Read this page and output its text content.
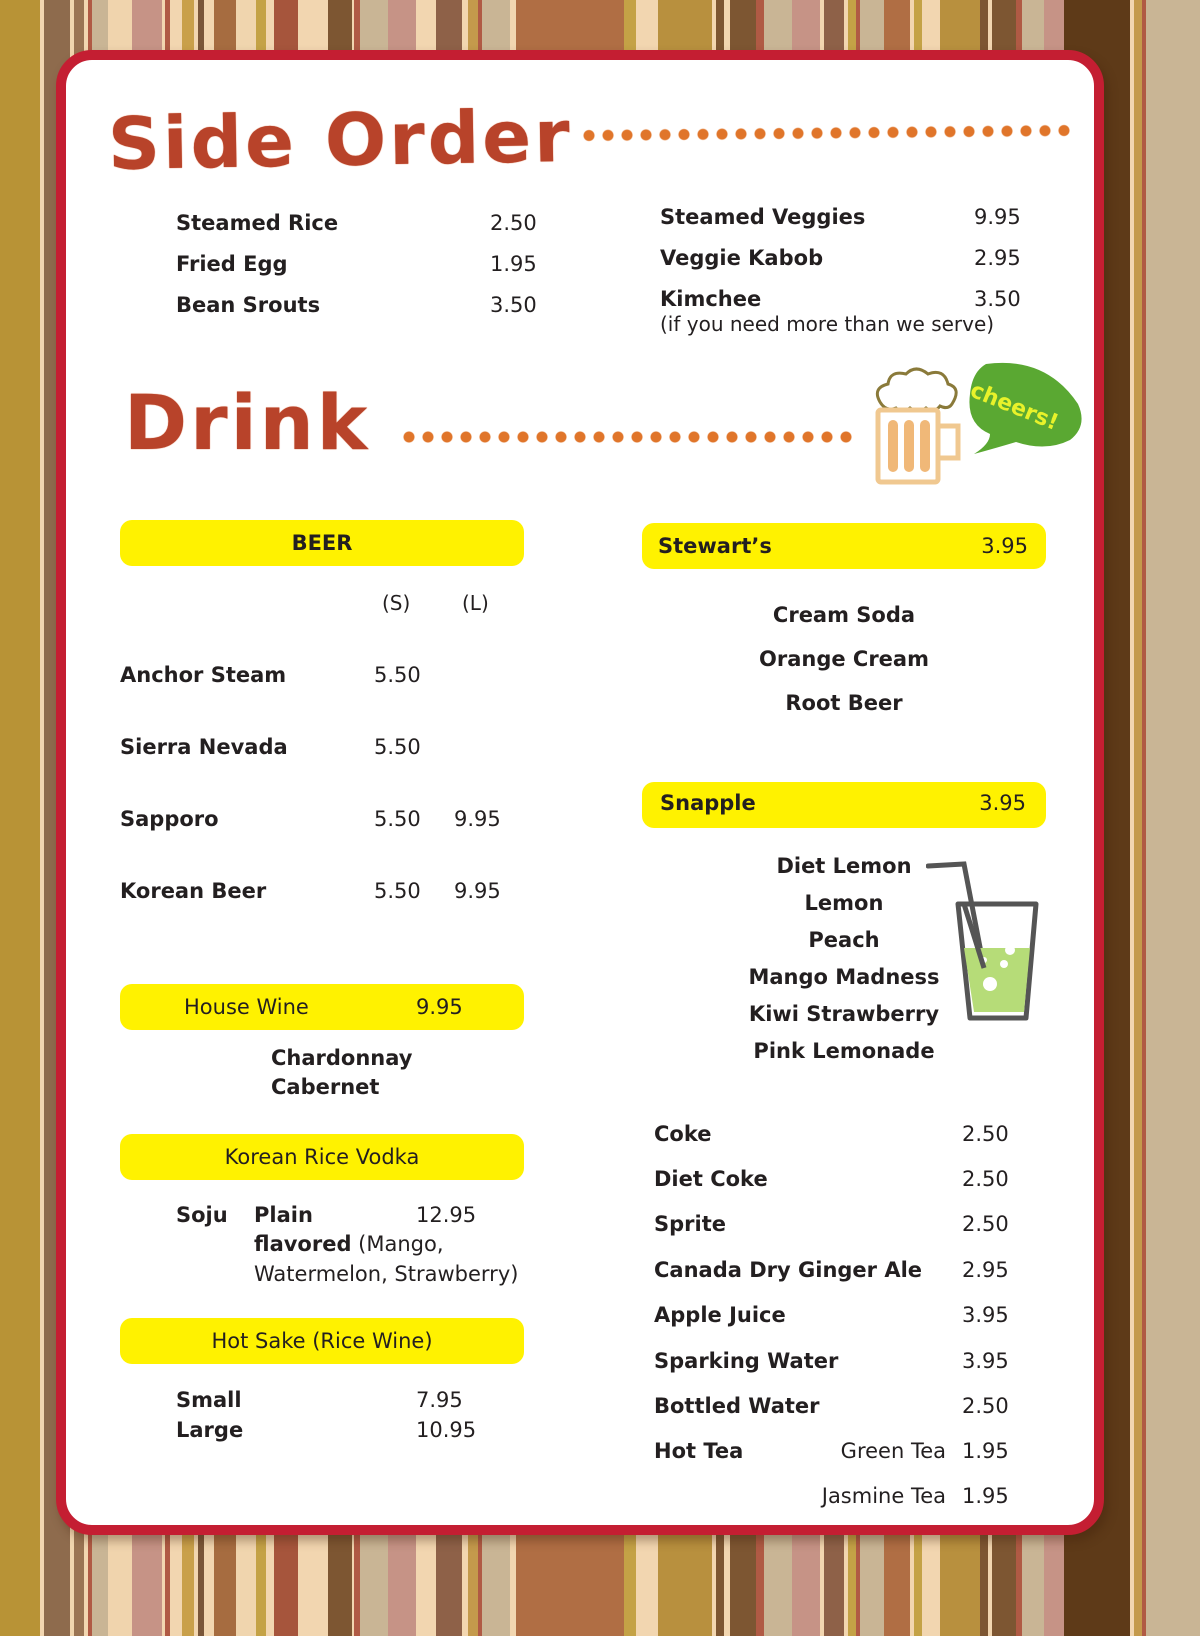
Side Order
Steamed Rice	2.50
Fried Egg	1.95
Bean Srouts	3.50
Steamed Veggies	9.95
Veggie Kabob	2.95
Kimchee	3.50
(if you need more than we serve)
Drink	cheers!
BEER
(S)	(L)
Anchor Steam	5.50
Sierra Nevada	5.50
Sapporo	5.50 9.95
Korean Beer	5.50 9.95
House Wine	9.95
Chardonnay
Cabernet
Korean Rice Vodka
Soju Plain	12.95
flavored (Mango,
Watermelon, Strawberry)
Hot Sake (Rice Wine)
Small	7.95
Large	10.95
Stewart’s	3.95
Cream Soda
Orange Cream
Root Beer
Snapple	3.95
Diet Lemon
Lemon
Peach
Mango Madness
Kiwi Strawberry
Pink Lemonade
Coke	2.50
Diet Coke	2.50
Sprite	2.50
Canada Dry Ginger Ale 2.95
Apple Juice	3.95
Sparking Water	3.95
Bottled Water	2.50
Hot Tea	Green Tea 1.95
Jasmine Tea 1.95
